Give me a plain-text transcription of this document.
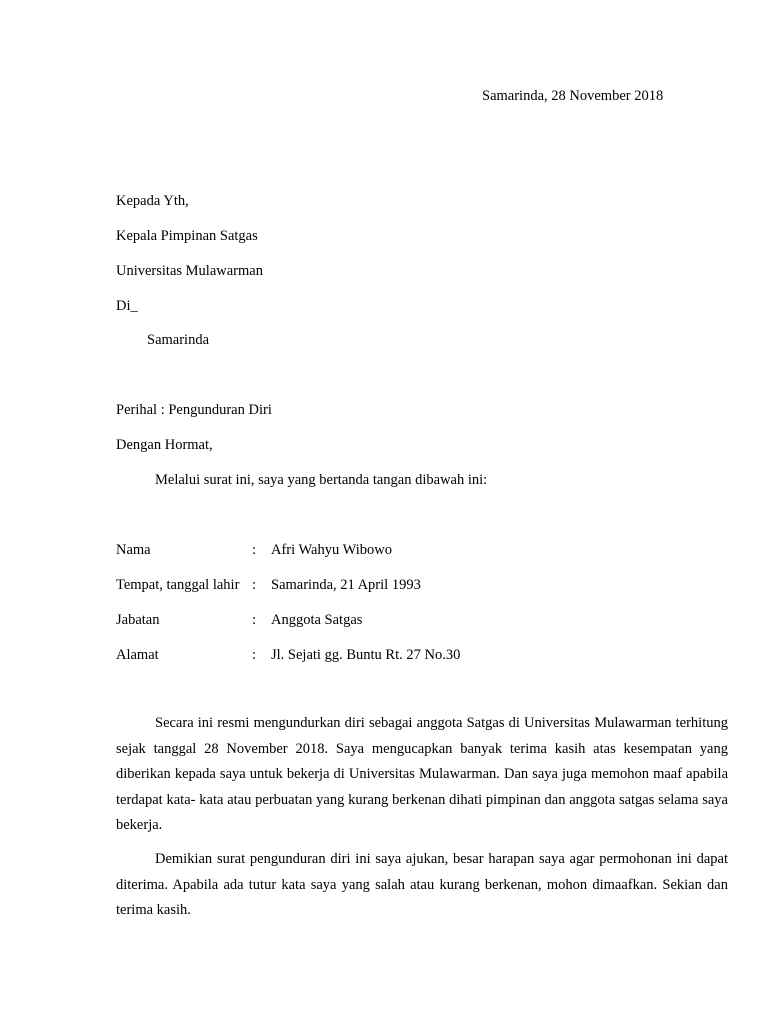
Samarinda, 28 November 2018
Kepada Yth,
Kepala Pimpinan Satgas
Universitas Mulawarman
Di_
Samarinda
Perihal : Pengunduran Diri
Dengan Hormat,
Melalui surat ini, saya yang bertanda tangan dibawah ini:
Nama	: Afri Wahyu Wibowo
Tempat, tanggal lahir : Samarinda, 21 April 1993
Jabatan	: Anggota Satgas
Alamat	: Jl. Sejati gg. Buntu Rt. 27 No.30

Secara ini resmi mengundurkan diri sebagai anggota Satgas di Universitas Mulawarman terhitung sejak tanggal 28 November 2018. Saya mengucapkan banyak terima kasih atas kesempatan yang diberikan kepada saya untuk bekerja di Universitas Mulawarman. Dan saya juga memohon maaf apabila terdapat kata- kata atau perbuatan yang kurang berkenan dihati pimpinan dan anggota satgas selama saya bekerja.

Demikian surat pengunduran diri ini saya ajukan, besar harapan saya agar permohonan ini dapat diterima. Apabila ada tutur kata saya yang salah atau kurang berkenan, mohon dimaafkan. Sekian dan terima kasih.
